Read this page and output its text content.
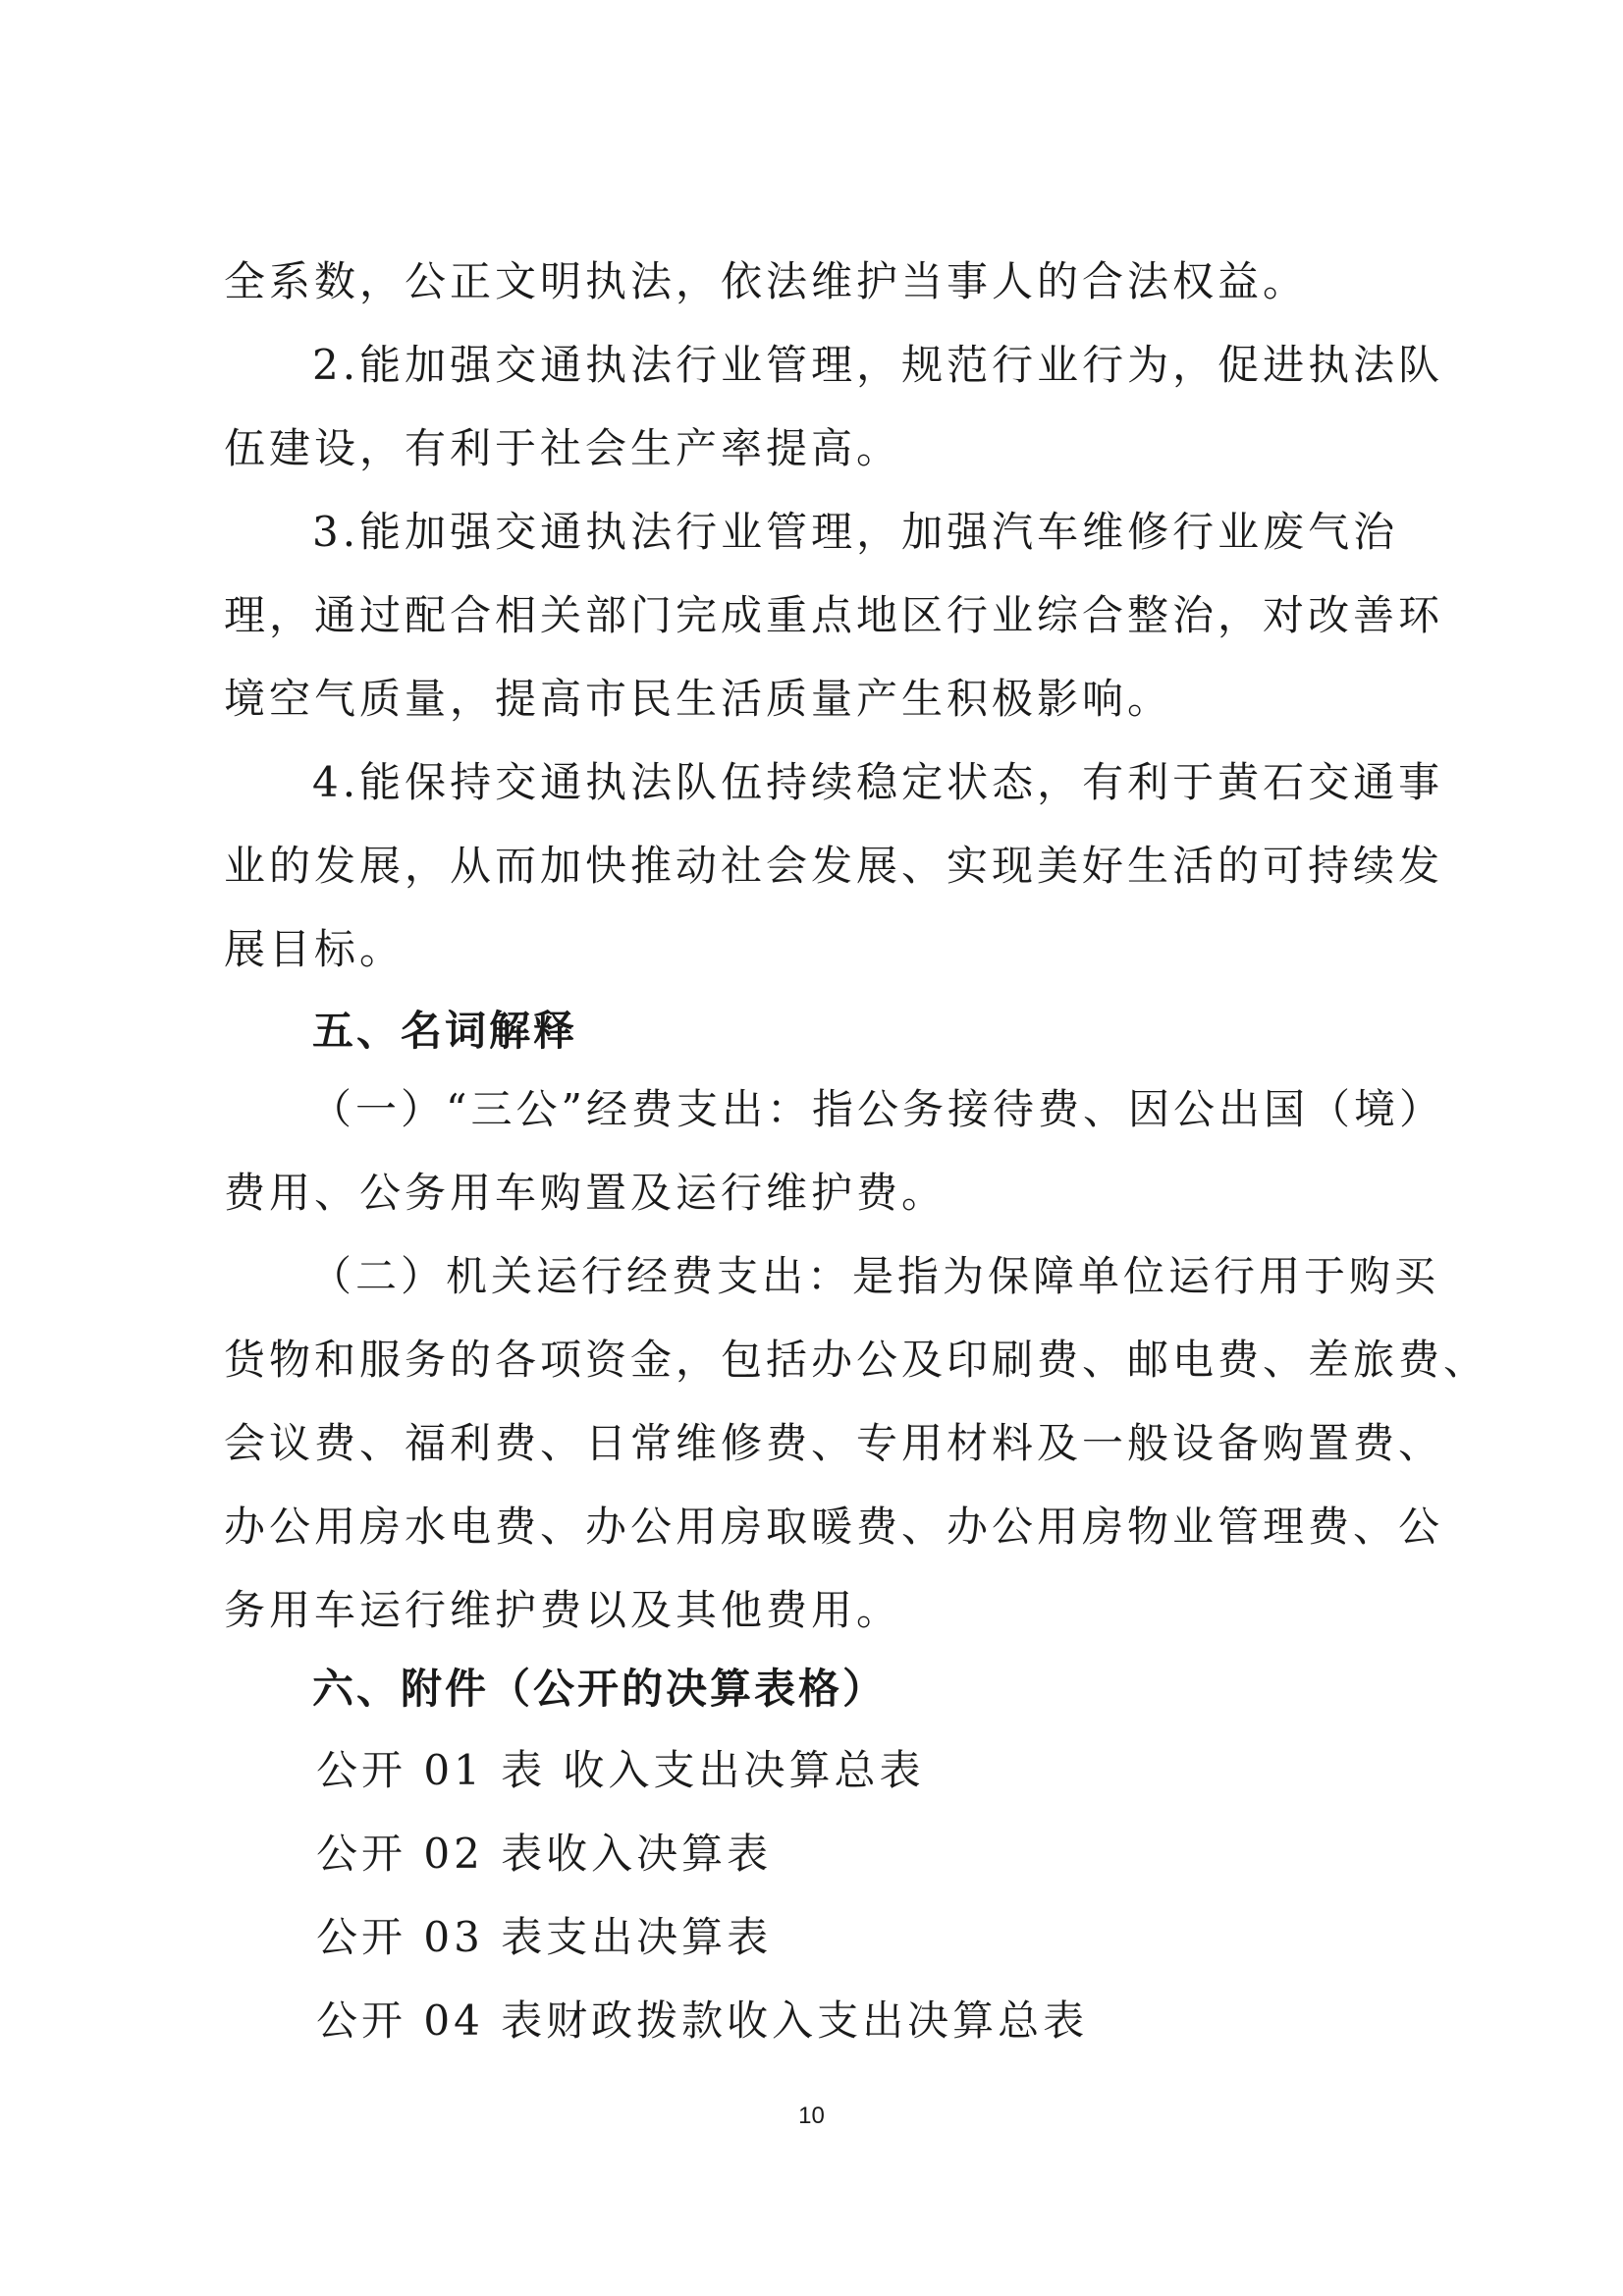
全系数，公正文明执法，依法维护当事人的合法权益。
2.能加强交通执法行业管理，规范行业行为，促进执法队
伍建设，有利于社会生产率提高。
3.能加强交通执法行业管理，加强汽车维修行业废气治
理，通过配合相关部门完成重点地区行业综合整治，对改善环
境空气质量，提高市民生活质量产生积极影响。
4.能保持交通执法队伍持续稳定状态，有利于黄石交通事
业的发展，从而加快推动社会发展、实现美好生活的可持续发
展目标。
五、名词解释
（一）“三公”经费支出：指公务接待费、因公出国（境）
费用、公务用车购置及运行维护费。
（二）机关运行经费支出：是指为保障单位运行用于购买
货物和服务的各项资金，包括办公及印刷费、邮电费、差旅费、
会议费、福利费、日常维修费、专用材料及一般设备购置费、
办公用房水电费、办公用房取暖费、办公用房物业管理费、公
务用车运行维护费以及其他费用。
六、附件（公开的决算表格）
公开 01 表 收入支出决算总表
公开 02 表收入决算表
公开 03 表支出决算表
公开 04 表财政拨款收入支出决算总表
10
